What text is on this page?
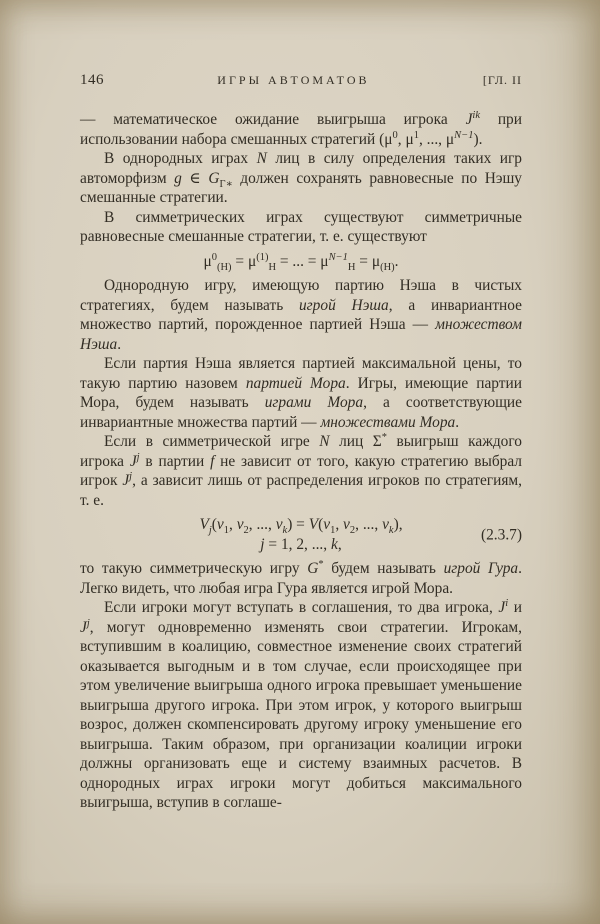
146	ИГРЫ АВТОМАТОВ	[ГЛ. II

— математическое ожидание выигрыша игрока $J^{ik}$ при использовании набора смешанных стратегий ($\mu^0$, $\mu^1$, ..., $\mu^{N-1}$).

В однородных играх N лиц в силу определения таких игр автоморфизм g ∈ $G_{\Gamma∗}$ должен сохранять равновесные по Нэшу смешанные стратегии.

В симметрических играх существуют симметричные равновесные смешанные стратегии, т. е. существуют

$\mu^0_{(H)} = \mu^{(1)}_H$ = ... = $\mu^{N-1}_H = \mu_{(H)}$.

Однородную игру, имеющую партию Нэша в чистых стратегиях, будем называть игрой Нэша, а инвариантное множество партий, порожденное партией Нэша — множеством Нэша.

Если партия Нэша является партией максимальной цены, то такую партию назовем партией Мора. Игры, имеющие партии Мора, будем называть играми Мора, а соответствующие инвариантные множества партий — множествами Мора.

Если в симметрической игре N лиц Σ* выигрыш каждого игрока $J^j$ в партии f не зависит от того, какую стратегию выбрал игрок $J^j$, а зависит лишь от распределения игроков по стратегиям, т. е.

$V_j(v_1$, $v_2$, ..., $v_k) = V(v_1$, $v_2$, ..., $v_k$),
j = 1, 2, ..., k,
(2.3.7)

то такую симметрическую игру G* будем называть игрой Гура. Легко видеть, что любая игра Гура является игрой Мора.

Если игроки могут вступать в соглашения, то два игрока, $J^i$ и $J^j$, могут одновременно изменять свои стратегии. Игрокам, вступившим в коалицию, совместное изменение своих стратегий оказывается выгодным и в том случае, если происходящее при этом увеличение выигрыша одного игрока превышает уменьшение выигрыша другого игрока. При этом игрок, у которого выигрыш возрос, должен скомпенсировать другому игроку уменьшение его выигрыша. Таким образом, при организации коалиции игроки должны организовать еще и систему взаимных расчетов. В однородных играх игроки могут добиться максимального выигрыша, вступив в соглаше-
